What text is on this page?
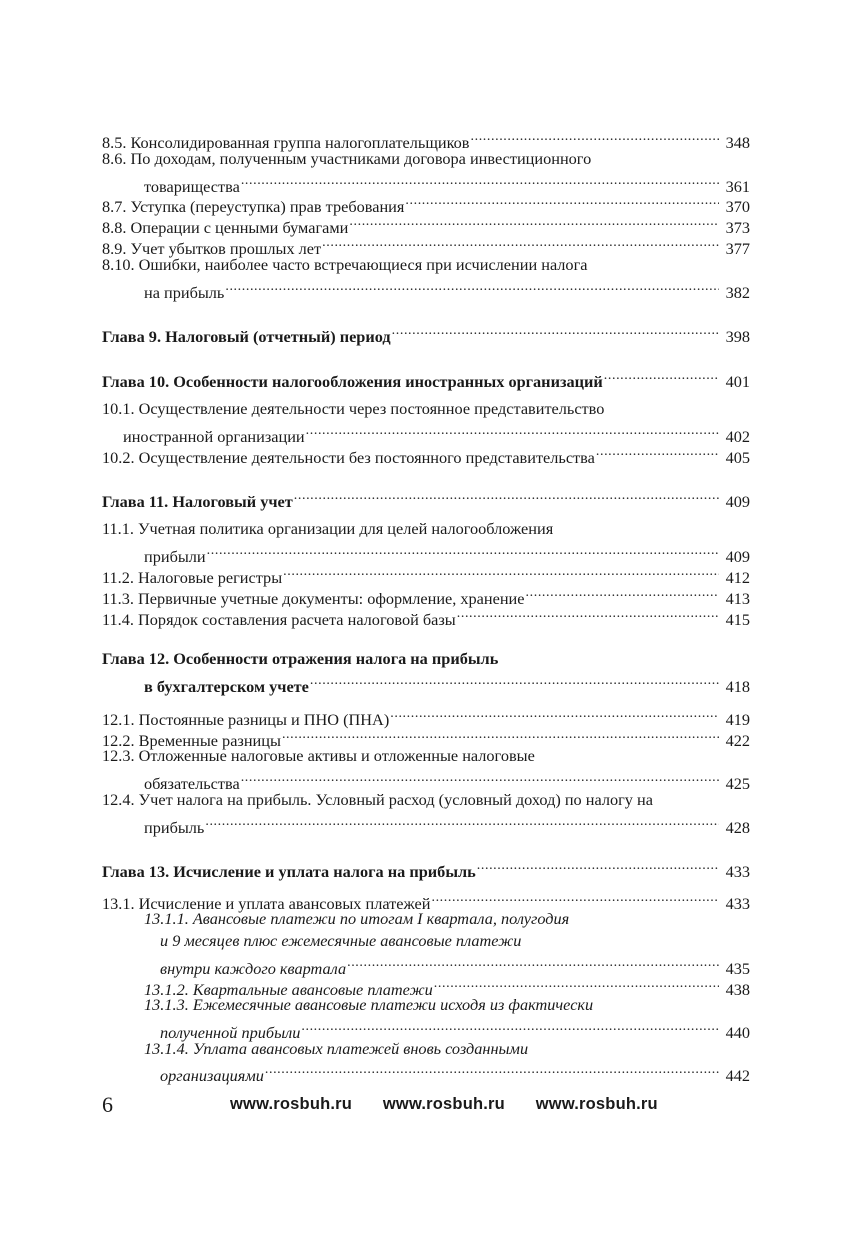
8.5. Консолидированная группа налогоплательщиков .....	348
8.6. По доходам, полученным участниками договора инвестиционного
товарищества .....	361
8.7. Уступка (переуступка) прав требования .....	370
8.8. Операции с ценными бумагами .....	373
8.9. Учет убытков прошлых лет .....	377
8.10. Ошибки, наиболее часто встречающиеся при исчислении налога
на прибыль .....	382
Глава 9. Налоговый (отчетный) период .....	398
Глава 10. Особенности налогообложения иностранных организаций .....	401
10.1. Осуществление деятельности через постоянное представительство
иностранной организации .....	402
10.2. Осуществление деятельности без постоянного представительства .....	405
Глава 11. Налоговый учет .....	409
11.1. Учетная политика организации для целей налогообложения
прибыли .....	409
11.2. Налоговые регистры .....	412
11.3. Первичные учетные документы: оформление, хранение .....	413
11.4. Порядок составления расчета налоговой базы .....	415
Глава 12. Особенности отражения налога на прибыль
в бухгалтерском учете .....	418
12.1. Постоянные разницы и ПНО (ПНА) .....	419
12.2. Временные разницы .....	422
12.3. Отложенные налоговые активы и отложенные налоговые
обязательства .....	425
12.4. Учет налога на прибыль. Условный расход (условный доход) по налогу на
прибыль .....	428
Глава 13. Исчисление и уплата налога на прибыль .....	433
13.1. Исчисление и уплата авансовых платежей .....	433
13.1.1. Авансовые платежи по итогам I квартала, полугодия
и 9 месяцев плюс ежемесячные авансовые платежи
внутри каждого квартала .....	435
13.1.2. Квартальные авансовые платежи .....	438
13.1.3. Ежемесячные авансовые платежи исходя из фактически
полученной прибыли .....	440
13.1.4. Уплата авансовых платежей вновь созданными
организациями .....	442
6	www.rosbuh.ru www.rosbuh.ru www.rosbuh.ru
